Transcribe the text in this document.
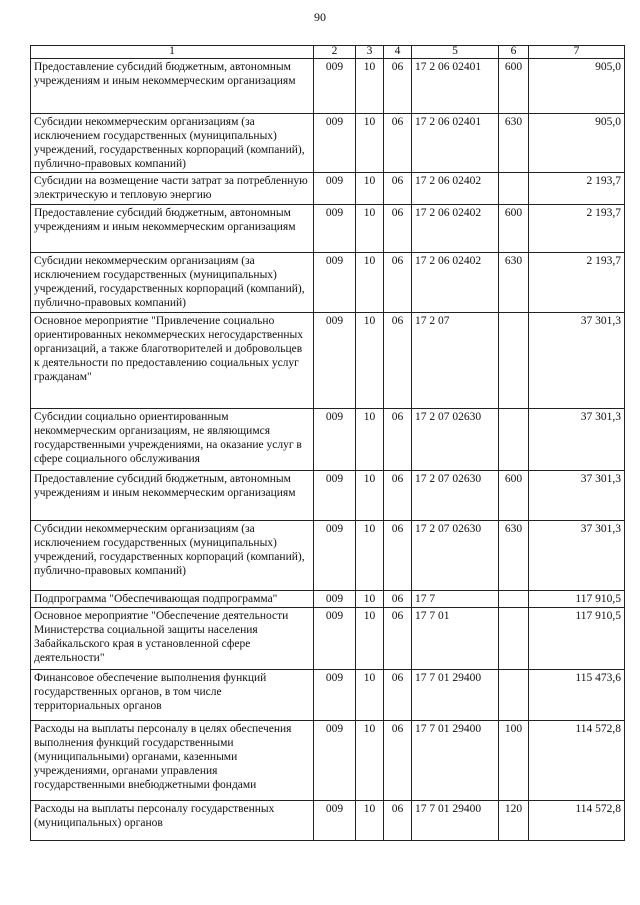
90
1	2	3	4	5	6	7
Предоставление субсидий бюджетным, автономным учреждениям и иным некоммерческим организациям	009	10	06	17 2 06 02401	600	905,0
Субсидии некоммерческим организациям (за исключением государственных (муниципальных) учреждений, государственных корпораций (компаний), публично-правовых компаний)	009	10	06	17 2 06 02401	630	905,0
Субсидии на возмещение части затрат за потребленную электрическую и тепловую энергию	009	10	06	17 2 06 02402		2 193,7
Предоставление субсидий бюджетным, автономным учреждениям и иным некоммерческим организациям	009	10	06	17 2 06 02402	600	2 193,7
Субсидии некоммерческим организациям (за исключением государственных (муниципальных) учреждений, государственных корпораций (компаний), публично-правовых компаний)	009	10	06	17 2 06 02402	630	2 193,7
Основное мероприятие "Привлечение социально ориентированных некоммерческих негосударственных организаций, а также благотворителей и добровольцев к деятельности по предоставлению социальных услуг гражданам"	009	10	06	17 2 07		37 301,3
Субсидии социально ориентированным некоммерческим организациям, не являющимся государственными учреждениями, на оказание услуг в сфере социального обслуживания	009	10	06	17 2 07 02630		37 301,3
Предоставление субсидий бюджетным, автономным учреждениям и иным некоммерческим организациям	009	10	06	17 2 07 02630	600	37 301,3
Субсидии некоммерческим организациям (за исключением государственных (муниципальных) учреждений, государственных корпораций (компаний), публично-правовых компаний)	009	10	06	17 2 07 02630	630	37 301,3
Подпрограмма "Обеспечивающая подпрограмма"	009	10	06	17 7		117 910,5
Основное мероприятие "Обеспечение деятельности Министерства социальной защиты населения Забайкальского края в установленной сфере деятельности"	009	10	06	17 7 01		117 910,5
Финансовое обеспечение выполнения функций государственных органов, в том числе территориальных органов	009	10	06	17 7 01 29400		115 473,6
Расходы на выплаты персоналу в целях обеспечения выполнения функций государственными (муниципальными) органами, казенными учреждениями, органами управления государственными внебюджетными фондами	009	10	06	17 7 01 29400	100	114 572,8
Расходы на выплаты персоналу государственных (муниципальных) органов	009	10	06	17 7 01 29400	120	114 572,8
